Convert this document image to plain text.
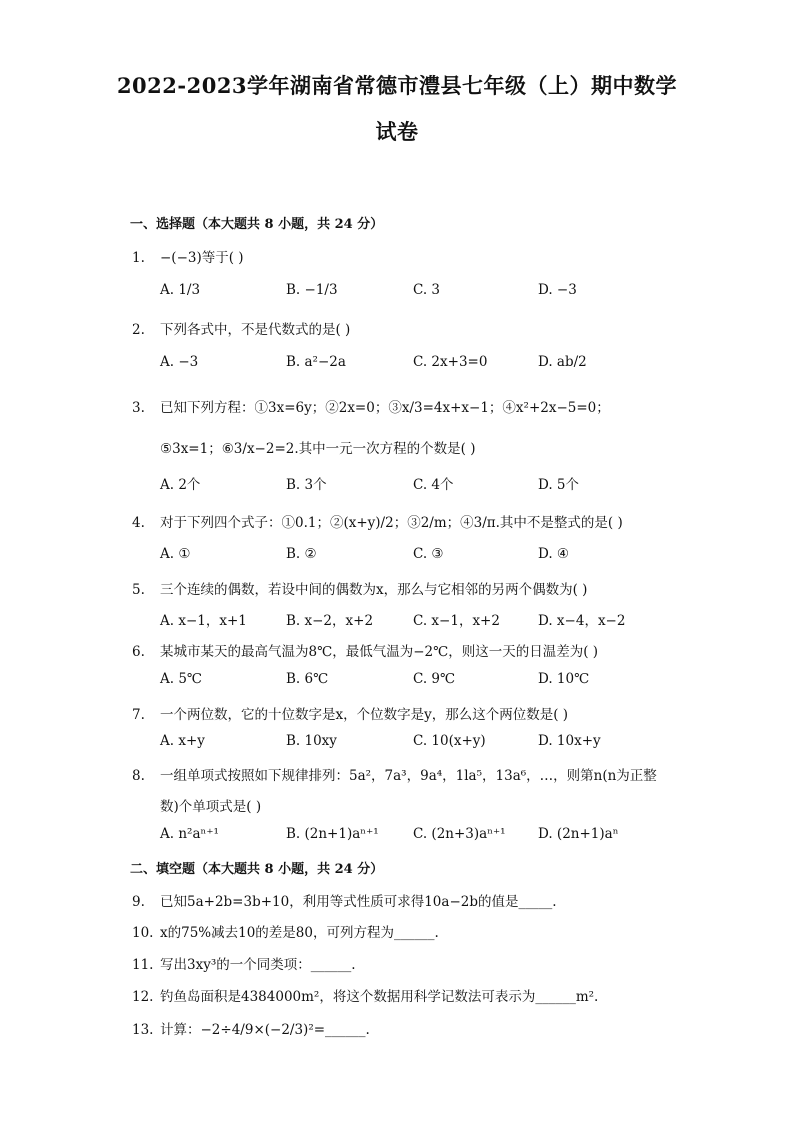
2022-2023学年湖南省常德市澧县七年级（上）期中数学
试卷
一、选择题（本大题共 8 小题，共 24 分）
1. −(−3)等于( )
A. 1/3	B. −1/3	C. 3	D. −3
2. 下列各式中，不是代数式的是( )
A. −3	B. a²−2a	C. 2x+3=0	D. ab/2
3. 已知下列方程：①3x=6y；②2x=0；③x/3=4x+x−1；④x²+2x−5=0；
⑤3x=1；⑥3/x−2=2.其中一元一次方程的个数是( )
A. 2个	B. 3个	C. 4个	D. 5个
4. 对于下列四个式子：①0.1；②(x+y)/2；③2/m；④3/π.其中不是整式的是( )
A. ①	B. ②	C. ③	D. ④
5. 三个连续的偶数，若设中间的偶数为x，那么与它相邻的另两个偶数为( )
A. x−1，x+1	B. x−2，x+2	C. x−1，x+2	D. x−4，x−2
6. 某城市某天的最高气温为8℃，最低气温为−2℃，则这一天的日温差为( )
A. 5℃	B. 6℃	C. 9℃	D. 10℃
7. 一个两位数，它的十位数字是x，个位数字是y，那么这个两位数是( )
A. x+y	B. 10xy	C. 10(x+y)	D. 10x+y
8. 一组单项式按照如下规律排列：5a²，7a³，9a⁴，1la⁵，13a⁶，…，则第n(n为正整
数)个单项式是( )
A. n²aⁿ⁺¹	B. (2n+1)aⁿ⁺¹	C. (2n+3)aⁿ⁺¹ D. (2n+1)aⁿ
二、填空题（本大题共 8 小题，共 24 分）
9. 已知5a+2b=3b+10，利用等式性质可求得10a−2b的值是_____.
10. x的75%减去10的差是80，可列方程为______.
11. 写出3xy³的一个同类项：______.
12. 钓鱼岛面积是4384000m²，将这个数据用科学记数法可表示为______m².
13. 计算：−2÷4/9×(−2/3)²=______.
